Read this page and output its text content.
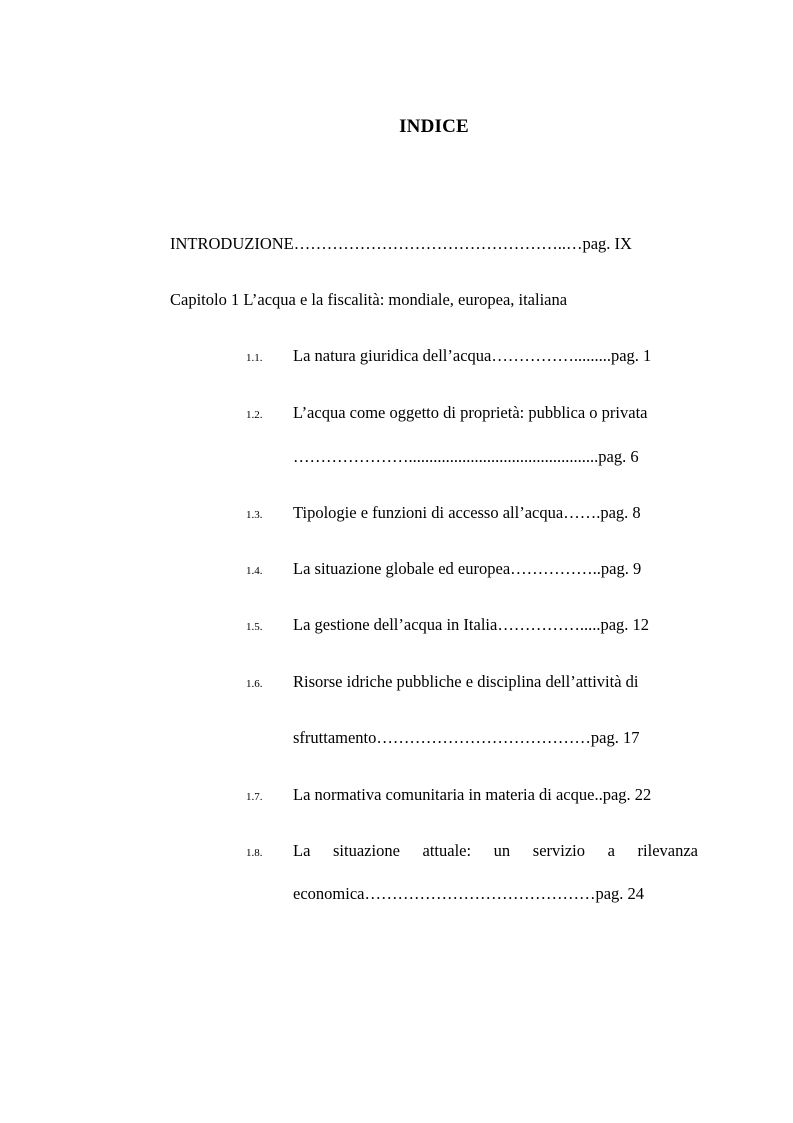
INDICE
INTRODUZIONE…………………………………………..…pag. IX
Capitolo 1 L’acqua e la fiscalità: mondiale, europea, italiana
1.1. La natura giuridica dell’acqua…………….........pag. 1
1.2. L’acqua come oggetto di proprietà: pubblica o privata
…………………..............................................pag. 6
1.3. Tipologie e funzioni di accesso all’acqua…….pag. 8
1.4. La situazione globale ed europea……………..pag. 9
1.5. La gestione dell’acqua in Italia…………….....pag. 12
1.6. Risorse idriche pubbliche e disciplina dell’attività di
sfruttamento…………………………………pag. 17
1.7. La normativa comunitaria in materia di acque..pag. 22
1.8. La situazione attuale: un servizio a rilevanza
economica……………………………………pag. 24
